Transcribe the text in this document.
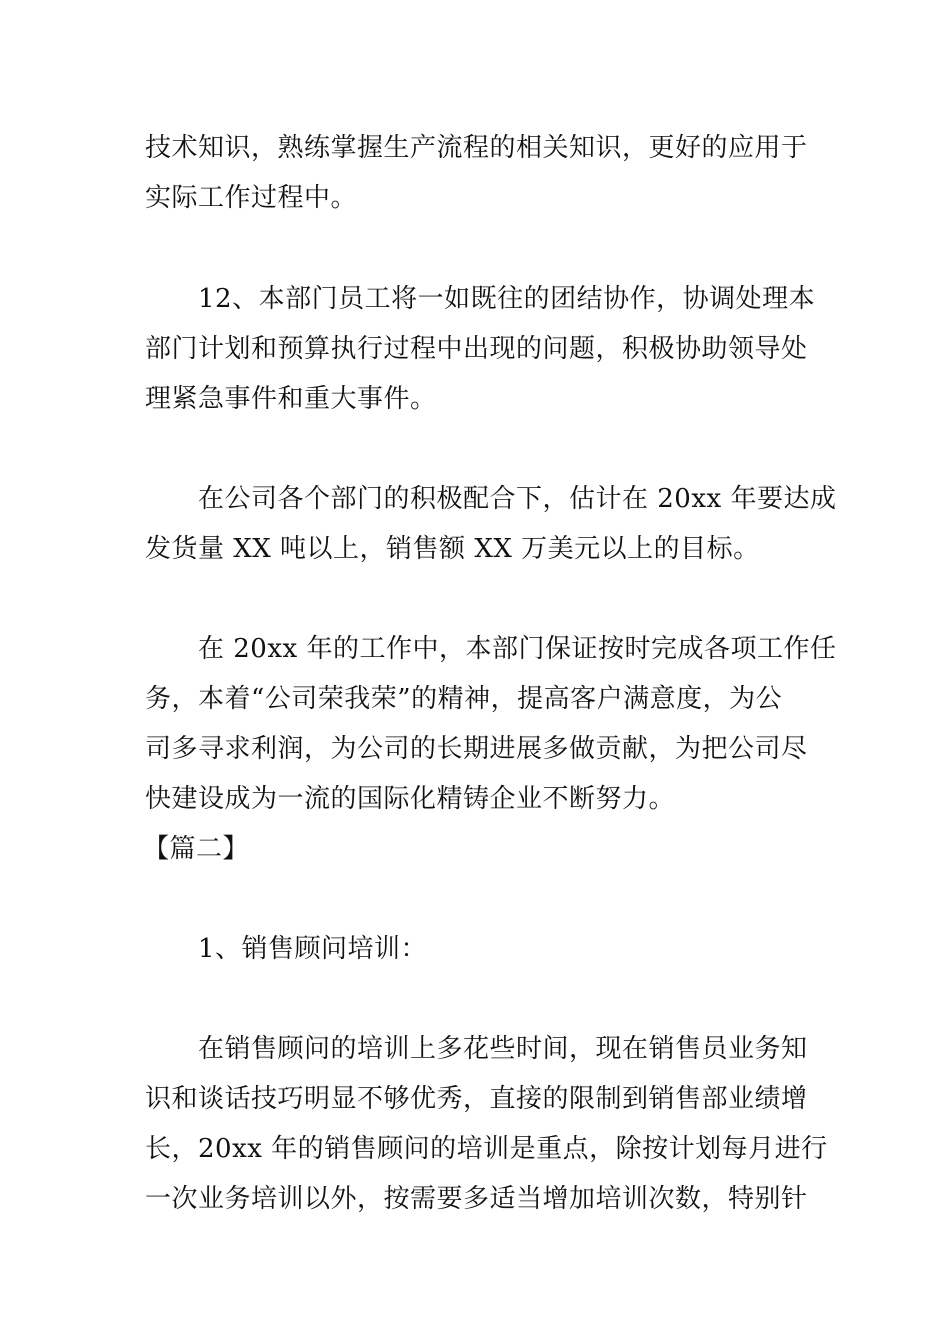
技术知识，熟练掌握生产流程的相关知识，更好的应用于

实际工作过程中。

12、本部门员工将一如既往的团结协作，协调处理本

部门计划和预算执行过程中出现的问题，积极协助领导处

理紧急事件和重大事件。

在公司各个部门的积极配合下，估计在 20xx 年要达成

发货量 XX 吨以上，销售额 XX 万美元以上的目标。

在 20xx 年的工作中，本部门保证按时完成各项工作任

务，本着“公司荣我荣”的精神，提高客户满意度，为公

司多寻求利润，为公司的长期进展多做贡献，为把公司尽

快建设成为一流的国际化精铸企业不断努力。

【篇二】

1、销售顾问培训：

在销售顾问的培训上多花些时间，现在销售员业务知

识和谈话技巧明显不够优秀，直接的限制到销售部业绩增

长，20xx 年的销售顾问的培训是重点，除按计划每月进行

一次业务培训以外，按需要多适当增加培训次数，特别针
